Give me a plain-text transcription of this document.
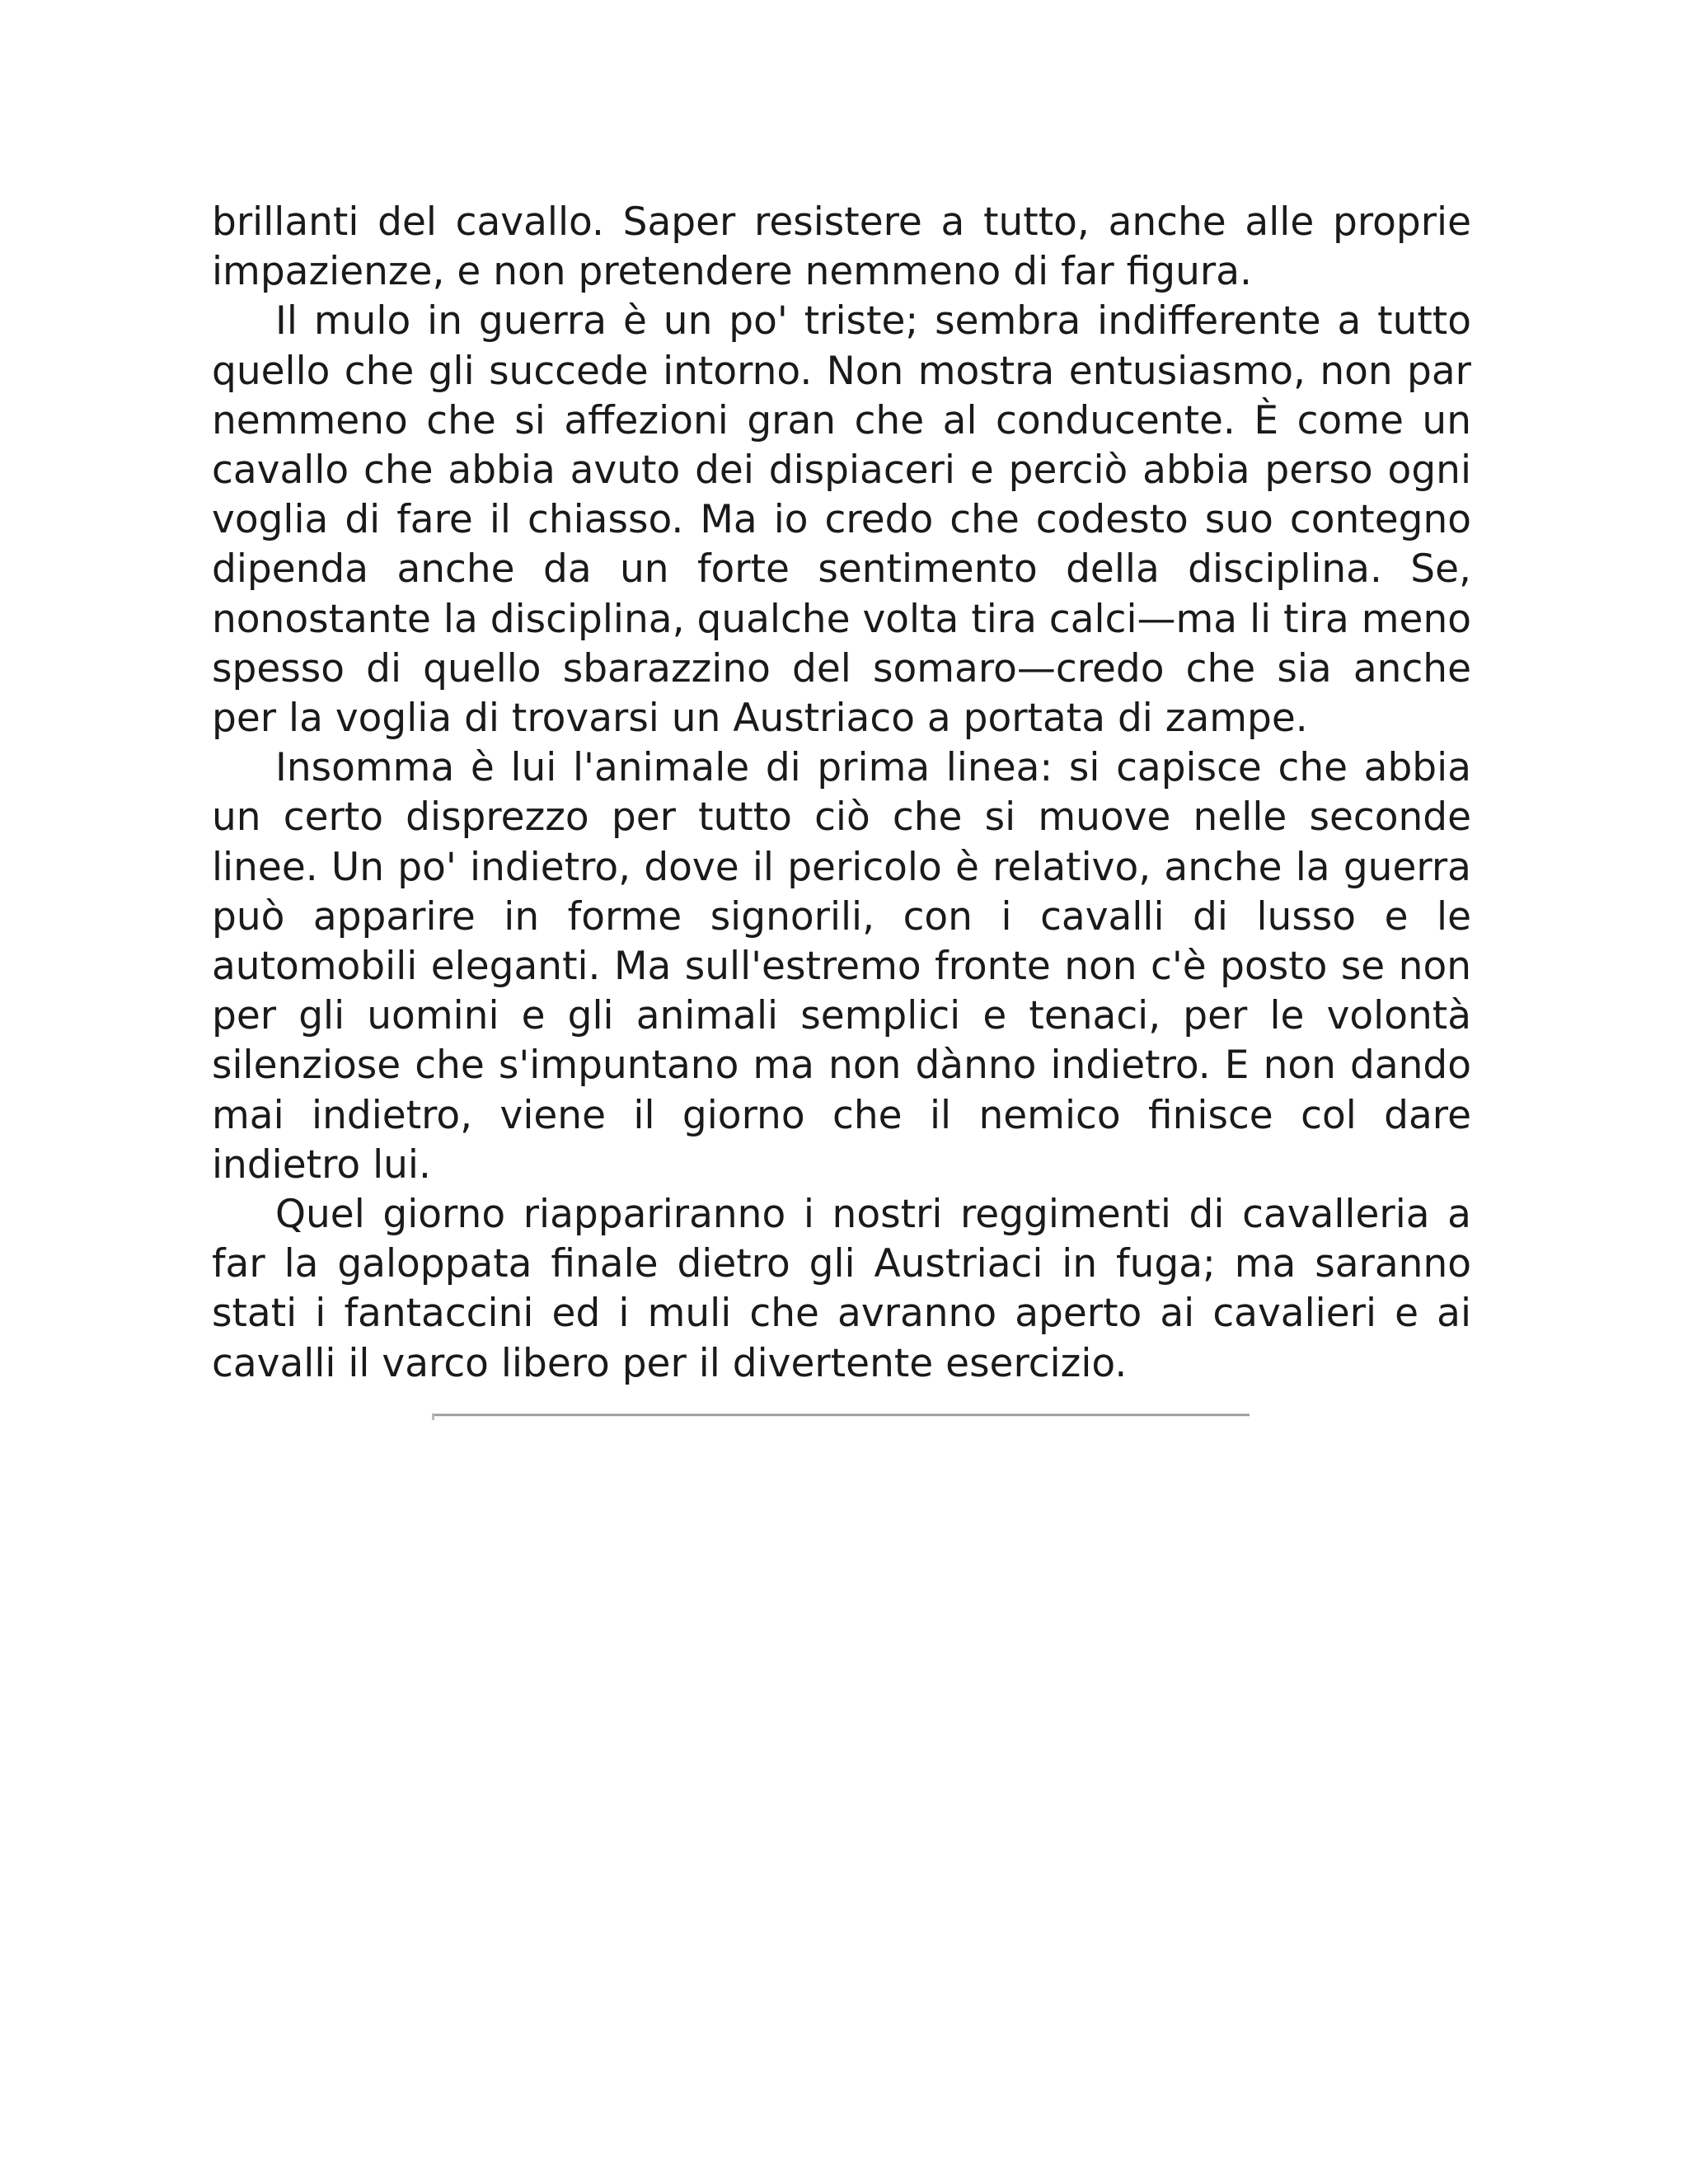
brillanti del cavallo. Saper resistere a tutto, anche alle proprie impazienze, e non pretendere nemmeno di far figura.

Il mulo in guerra è un po' triste; sembra indifferente a tutto quello che gli succede intorno. Non mostra entusiasmo, non par nemmeno che si affezioni gran che al conducente. È come un cavallo che abbia avuto dei dispiaceri e perciò abbia perso ogni voglia di fare il chiasso. Ma io credo che codesto suo contegno dipenda anche da un forte sentimento della disciplina. Se, nonostante la disciplina, qualche volta tira calci—ma li tira meno spesso di quello sbarazzino del somaro—credo che sia anche per la voglia di trovarsi un Austriaco a portata di zampe.

Insomma è lui l'animale di prima linea: si capisce che abbia un certo disprezzo per tutto ciò che si muove nelle seconde linee. Un po' indietro, dove il pericolo è relativo, anche la guerra può apparire in forme signorili, con i cavalli di lusso e le automobili eleganti. Ma sull'estremo fronte non c'è posto se non per gli uomini e gli animali semplici e tenaci, per le volontà silenziose che s'impuntano ma non dànno indietro. E non dando mai indietro, viene il giorno che il nemico finisce col dare indietro lui.

Quel giorno riappariranno i nostri reggimenti di cavalleria a far la galoppata finale dietro gli Austriaci in fuga; ma saranno stati i fantaccini ed i muli che avranno aperto ai cavalieri e ai cavalli il varco libero per il divertente esercizio.
